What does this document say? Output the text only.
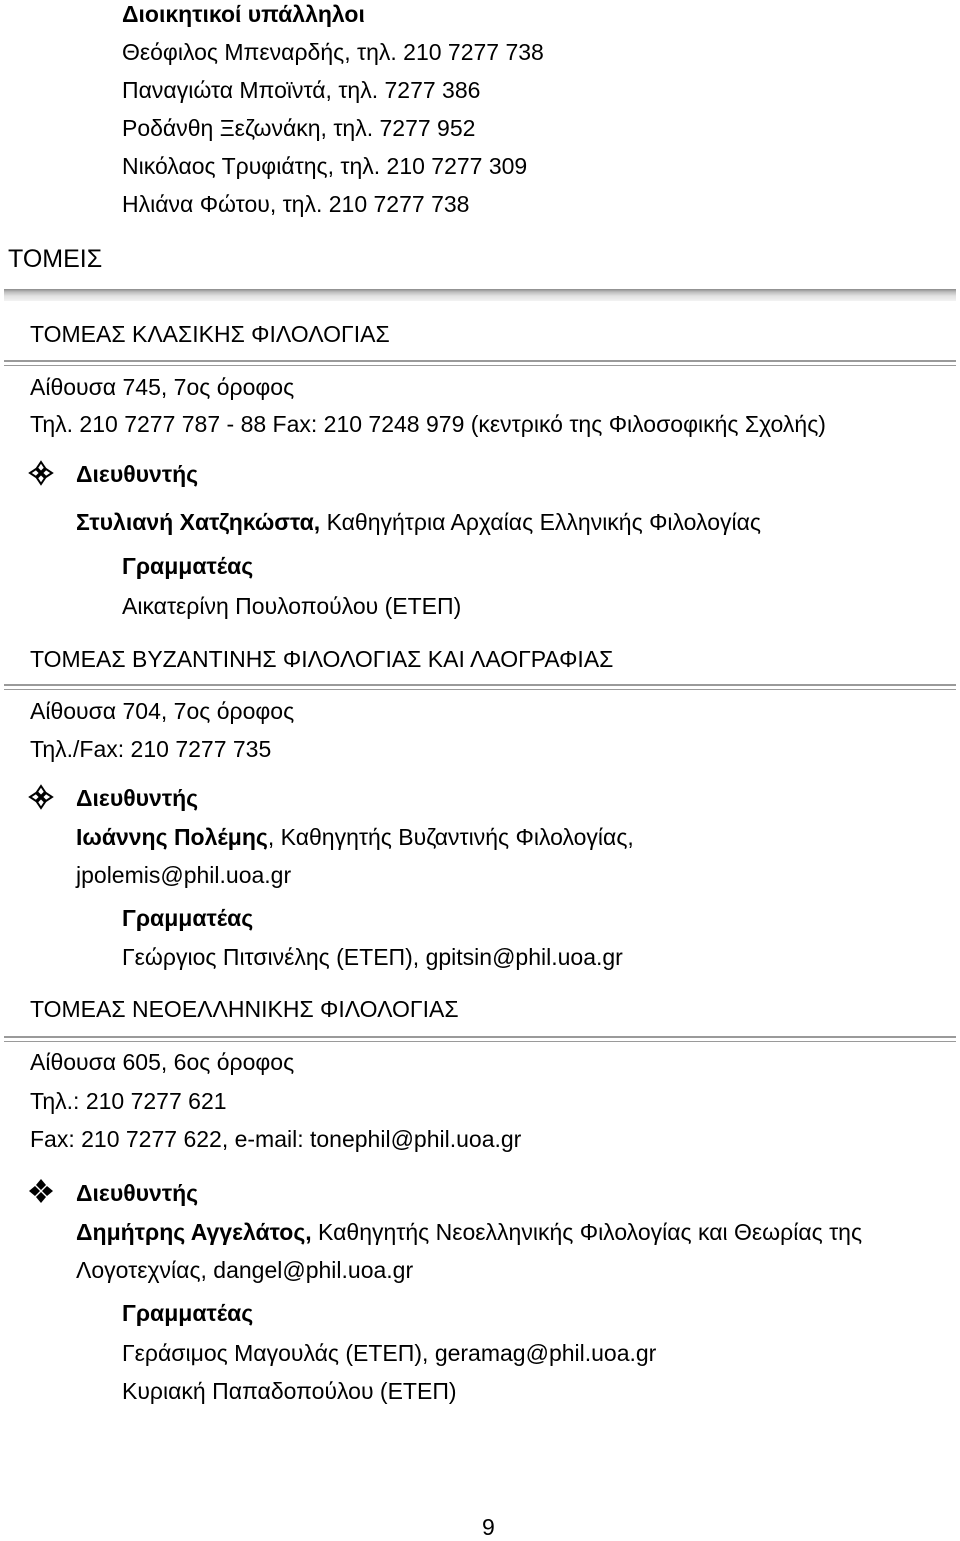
Διοικητικοί υπάλληλοι
Θεόφιλος Μπεναρδής, τηλ. 210 7277 738
Παναγιώτα Μποϊντά, τηλ. 7277 386
Ροδάνθη Ξεζωνάκη, τηλ. 7277 952
Νικόλαος Τρυφιάτης, τηλ. 210 7277 309
Ηλιάνα Φώτου, τηλ. 210 7277 738
ΤΟΜΕΙΣ
ΤΟΜΕΑΣ ΚΛΑΣΙΚΗΣ ΦΙΛΟΛΟΓΙΑΣ
Αίθουσα 745, 7ος όροφος
Τηλ. 210 7277 787 - 88 Fax: 210 7248 979 (κεντρικό της Φιλοσοφικής Σχολής)
Διευθυντής
Στυλιανή Χατζηκώστα, Καθηγήτρια Αρχαίας Ελληνικής Φιλολογίας
Γραμματέας
Αικατερίνη Πουλοπούλου (ΕΤΕΠ)
ΤΟΜΕΑΣ ΒΥΖΑΝΤΙΝΗΣ ΦΙΛΟΛΟΓΙΑΣ ΚΑΙ ΛΑΟΓΡΑΦΙΑΣ
Αίθουσα 704, 7ος όροφος
Τηλ./Fax: 210 7277 735
Διευθυντής
Ιωάννης Πολέμης, Καθηγητής Βυζαντινής Φιλολογίας,
jpolemis@phil.uoa.gr
Γραμματέας
Γεώργιος Πιτσινέλης (ΕΤΕΠ), gpitsin@phil.uoa.gr
ΤΟΜΕΑΣ ΝΕΟΕΛΛΗΝΙΚΗΣ ΦΙΛΟΛΟΓΙΑΣ
Αίθουσα 605, 6ος όροφος
Τηλ.: 210 7277 621
Fax: 210 7277 622, e-mail: tonephil@phil.uoa.gr
Διευθυντής
Δημήτρης Αγγελάτος, Καθηγητής Νεοελληνικής Φιλολογίας και Θεωρίας της
Λογοτεχνίας, dangel@phil.uoa.gr
Γραμματέας
Γεράσιμος Μαγουλάς (ΕΤΕΠ), geramag@phil.uoa.gr
Κυριακή Παπαδοπούλου (ΕΤΕΠ)
9
